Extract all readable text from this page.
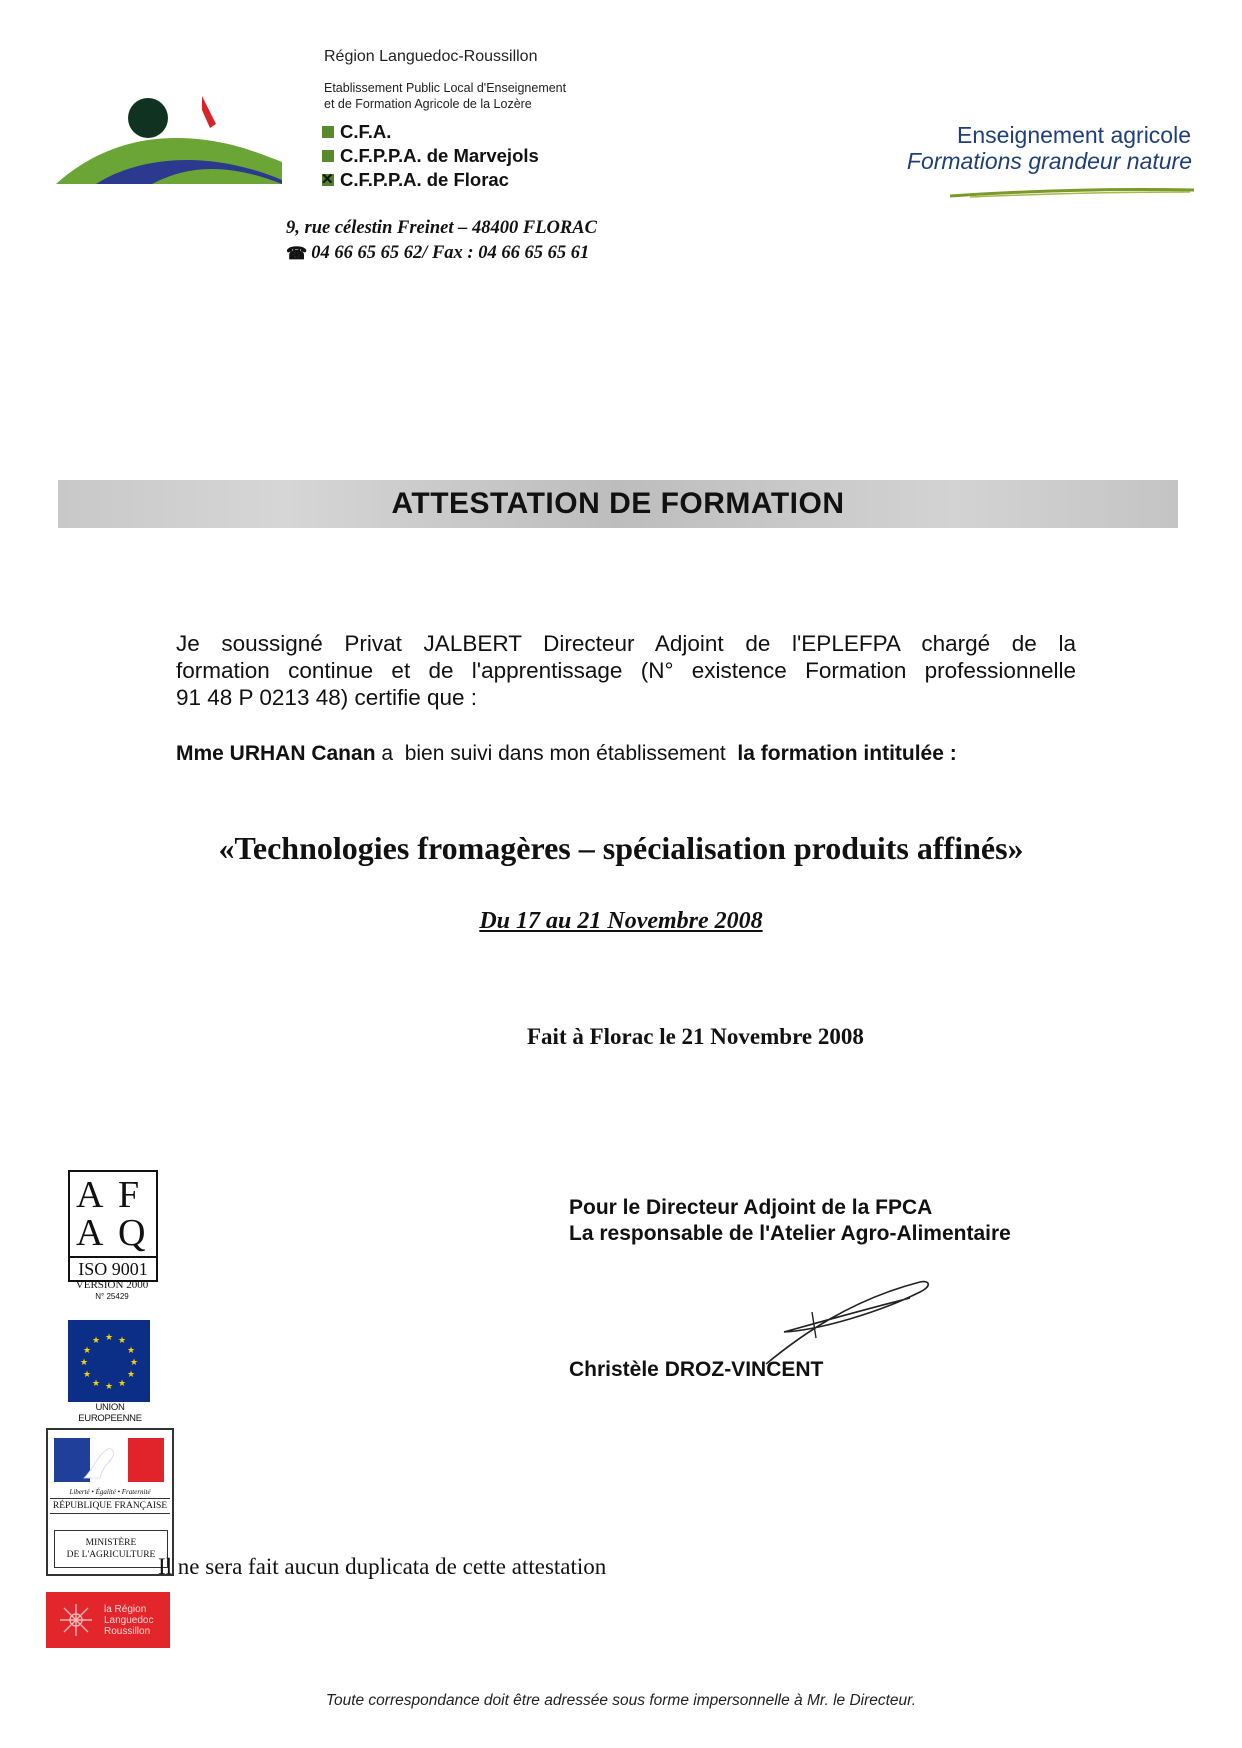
Région Languedoc-Roussillon
Etablissement Public Local d'Enseignement
et de Formation Agricole de la Lozère
C.F.A.
C.F.P.P.A. de Marvejols
✕
C.F.P.P.A. de Florac
9, rue célestin Freinet – 48400 FLORAC
☎ 04 66 65 65 62/ Fax : 04 66 65 65 61
Enseignement agricole
Formations grandeur nature
ATTESTATION DE FORMATION
Je soussigné Privat JALBERT Directeur Adjoint de l'EPLEFPA chargé de la
formation continue et de l'apprentissage (N° existence Formation professionnelle
91 48 P 0213 48) certifie que :
Mme URHAN Canan a  bien suivi dans mon établissement  la formation intitulée :
«Technologies fromagères – spécialisation produits affinés»
Du 17 au 21 Novembre 2008
Fait à Florac le 21 Novembre 2008
Pour le Directeur Adjoint de la FPCA
La responsable de l'Atelier Agro-Alimentaire
Christèle DROZ-VINCENT
A F
A Q
ISO 9001
VERSION 2000
N° 25429
★ ★
★
★
★
★
★
★
★
★
★
★
UNION EUROPEENNE
Liberté • Égalité • Fraternité
RÉPUBLIQUE FRANÇAISE
MINISTÈRE
DE L'AGRICULTURE Il ne sera fait aucun duplicata de cette attestation
la Région
Languedoc
Roussillon
Toute correspondance doit être adressée sous forme impersonnelle à Mr. le Directeur.
